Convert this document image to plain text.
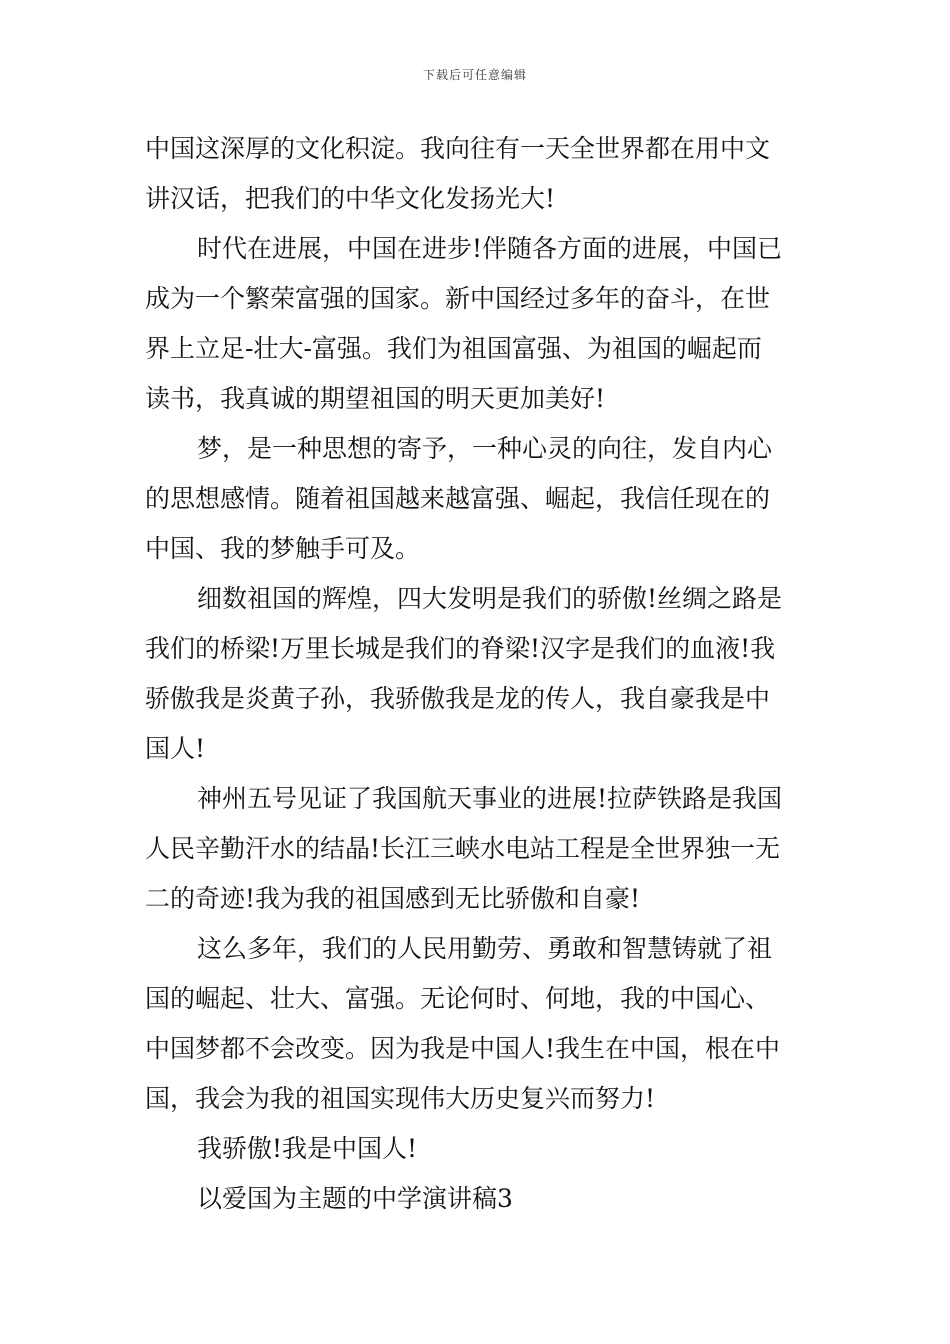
下载后可任意编辑
中国这深厚的文化积淀。我向往有一天全世界都在用中文
讲汉话，把我们的中华文化发扬光大!
时代在进展，中国在进步!伴随各方面的进展，中国已
成为一个繁荣富强的国家。新中国经过多年的奋斗，在世
界上立足-壮大-富强。我们为祖国富强、为祖国的崛起而
读书，我真诚的期望祖国的明天更加美好!
梦，是一种思想的寄予，一种心灵的向往，发自内心
的思想感情。随着祖国越来越富强、崛起，我信任现在的
中国、我的梦触手可及。
细数祖国的辉煌，四大发明是我们的骄傲!丝绸之路是
我们的桥梁!万里长城是我们的脊梁!汉字是我们的血液!我
骄傲我是炎黄子孙，我骄傲我是龙的传人，我自豪我是中
国人!
神州五号见证了我国航天事业的进展!拉萨铁路是我国
人民辛勤汗水的结晶!长江三峡水电站工程是全世界独一无
二的奇迹!我为我的祖国感到无比骄傲和自豪!
这么多年，我们的人民用勤劳、勇敢和智慧铸就了祖
国的崛起、壮大、富强。无论何时、何地，我的中国心、
中国梦都不会改变。因为我是中国人!我生在中国，根在中
国，我会为我的祖国实现伟大历史复兴而努力!
我骄傲!我是中国人!
以爱国为主题的中学演讲稿3
